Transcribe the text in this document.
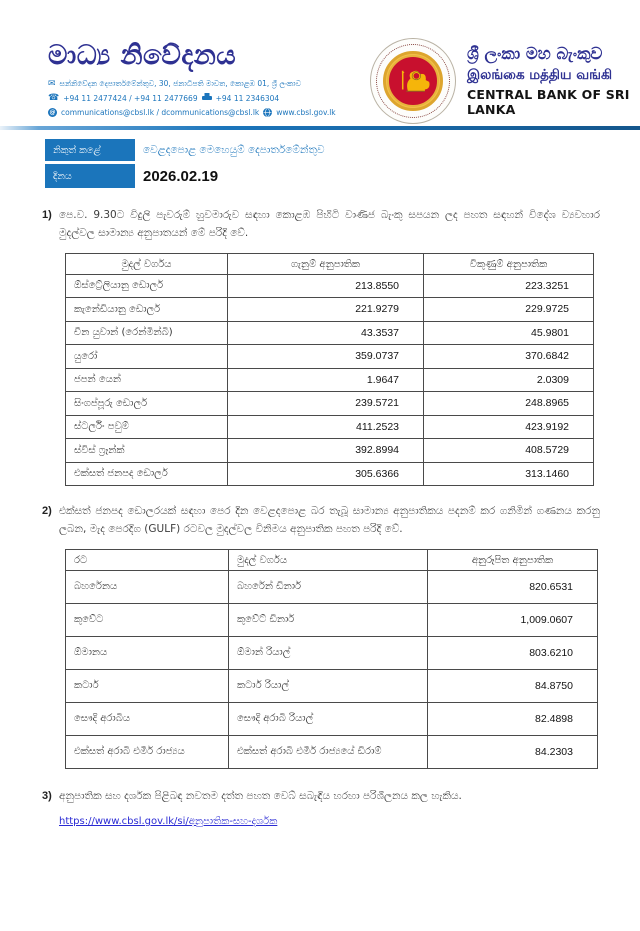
මාධ්‍ය නිවේදනය
✉ සන්නිවේදන දෙපාර්තමේන්තුව, 30, ජනාධිපති මාවත, කොළඹ 01, ශ්‍රී ලංකාව
☎ +94 11 2477424 / +94 11 2477669 +94 11 2346304
@ communications@cbsl.lk / dcommunications@cbsl.lk www.cbsl.gov.lk
ශ්‍රී ලංකා මහ බැංකුව
இலங்கை மத்திய வங்கி
CENTRAL BANK OF SRI LANKA
නිකුත් කළේ	වෙළදපොළ මෙහෙයුම් දෙපාර්තමේන්තුව
දිනය	2026.02.19
1) පෙ.ව. 9.30ට විදුලි පැවරුම් හුවමාරුව සඳහා කොළඹ පිහිටි වාණිජ බැංකු සපයන ලද පහත සඳහන් විදේශ ව්‍යවහාර මුදල්වල සාමාන්‍ය අනුපාතයන් මේ පරිදි වේ.
මුදල් වර්ගය	ගැනුම් අනුපාතික	විකුණුම් අනුපාතික
ඕස්ට්‍රේලියානු ඩොලර්	213.8550	223.3251
කැනේඩියානු ඩොලර්	221.9279	229.9725
චීන යුවාන් (රෙන්මින්බි)	43.3537	45.9801
යුරෝ	359.0737	370.6842
ජපන් යෙන්	1.9647	2.0309
සිංගප්පූරු ඩොලර්	239.5721	248.8965
ස්ටර්ලිං පවුම්	411.2523	423.9192
ස්විස් ෆ්‍රෑන්ක්	392.8994	408.5729
එක්සත් ජනපද ඩොලර්	305.6366	313.1460
2) එක්සත් ජනපද ඩොලරයක් සඳහා පෙර දින වෙළදපොළ බර තැබූ සාමාන්‍ය අනුපාතිකය පදනම් කර ගනිමින් ගණනය කරනු ලබන, මැද පෙරදිග (GULF) රටවල මුදල්වල විනිමය අනුපාතික පහත පරිදි වේ.
රට	මුදල් වර්ගය	අනුරූපිත අනුපාතික
බහරේනය	බහරේන් ඩිනාර්	820.6531
කුවේට	කුවේට් ඩිනාර්	1,009.0607
ඕමානය	ඕමාන් රියාල්	803.6210
කටාර්	කටාර් රියාල්	84.8750
සෞදි අරාබිය	සෞදි අරාබි රියාල්	82.4898
එක්සත් අරාබි එමීර් රාජ්‍යය	එක්සත් අරාබි එමීර් රාජ්‍යයේ ඩිරාම්	84.2303
3) අනුපාතික සහ දර්ශක පිළිබඳ නවතම දත්ත පහත වෙබ් සබැඳිය හරහා පරිශීලනය කල හැකිය.
https://www.cbsl.gov.lk/si/අනුපාතික-සහ-දර්ශක
